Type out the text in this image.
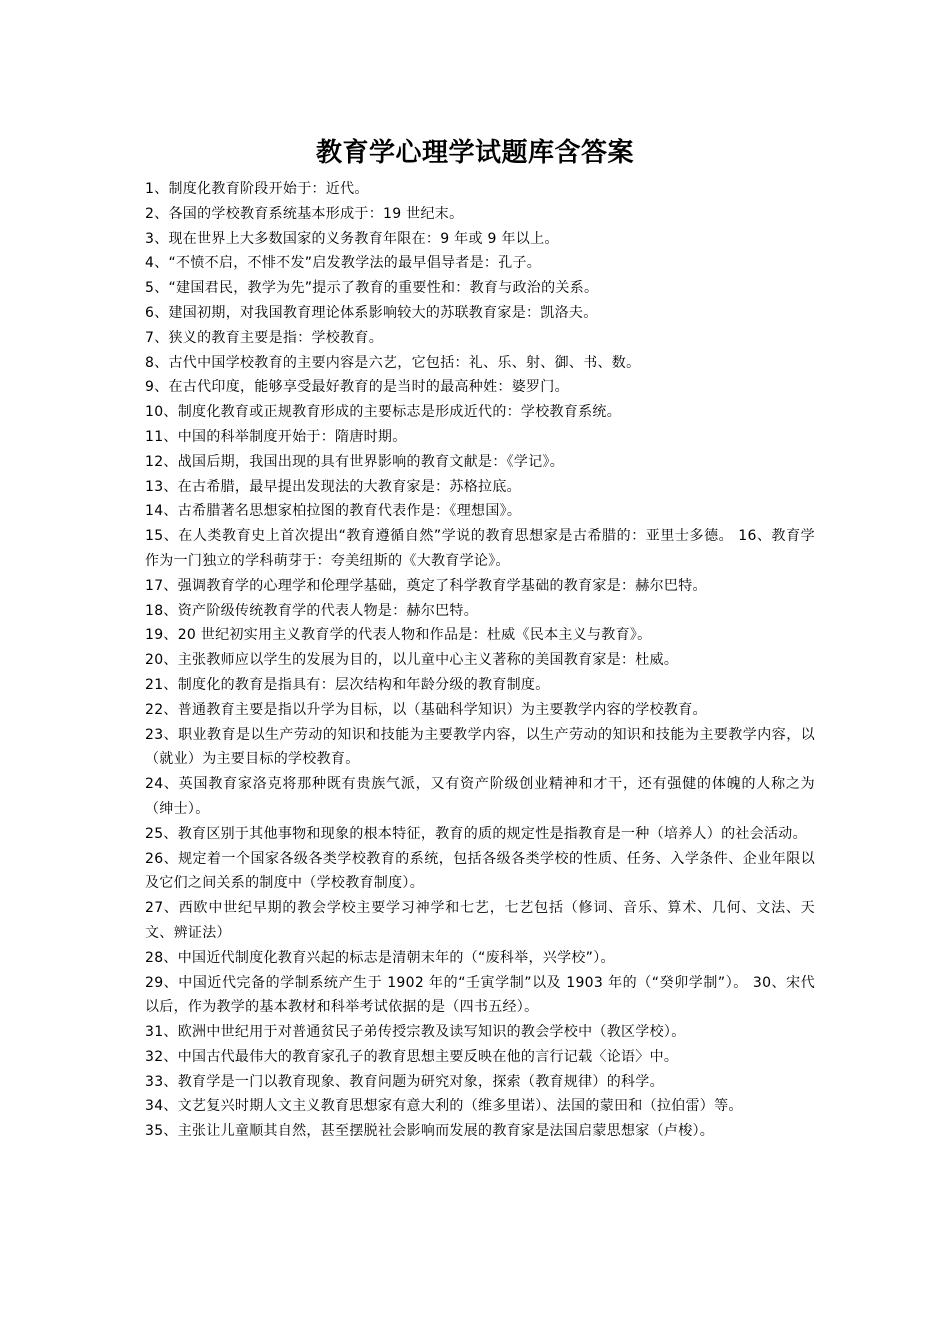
教育学心理学试题库含答案

1、制度化教育阶段开始于：近代。

2、各国的学校教育系统基本形成于：19 世纪末。

3、现在世界上大多数国家的义务教育年限在：9 年或 9 年以上。

4、“不愤不启，不悱不发”启发教学法的最早倡导者是：孔子。

5、“建国君民，教学为先”提示了教育的重要性和：教育与政治的关系。

6、建国初期，对我国教育理论体系影响较大的苏联教育家是：凯洛夫。

7、狭义的教育主要是指：学校教育。

8、古代中国学校教育的主要内容是六艺，它包括：礼、乐、射、御、书、数。

9、在古代印度，能够享受最好教育的是当时的最高种姓：婆罗门。

10、制度化教育或正规教育形成的主要标志是形成近代的：学校教育系统。

11、中国的科举制度开始于：隋唐时期。

12、战国后期，我国出现的具有世界影响的教育文献是：《学记》。

13、在古希腊，最早提出发现法的大教育家是：苏格拉底。

14、古希腊著名思想家柏拉图的教育代表作是：《理想国》。

15、在人类教育史上首次提出“教育遵循自然”学说的教育思想家是古希腊的：亚里士多德。 16、教育学作为一门独立的学科萌芽于：夸美纽斯的《大教育学论》。

17、强调教育学的心理学和伦理学基础，奠定了科学教育学基础的教育家是：赫尔巴特。

18、资产阶级传统教育学的代表人物是：赫尔巴特。

19、20 世纪初实用主义教育学的代表人物和作品是：杜威《民本主义与教育》。

20、主张教师应以学生的发展为目的，以儿童中心主义著称的美国教育家是：杜威。

21、制度化的教育是指具有：层次结构和年龄分级的教育制度。

22、普通教育主要是指以升学为目标，以（基础科学知识）为主要教学内容的学校教育。

23、职业教育是以生产劳动的知识和技能为主要教学内容，以生产劳动的知识和技能为主要教学内容，以（就业）为主要目标的学校教育。

24、英国教育家洛克将那种既有贵族气派，又有资产阶级创业精神和才干，还有强健的体魄的人称之为（绅士）。

25、教育区别于其他事物和现象的根本特征，教育的质的规定性是指教育是一种（培养人）的社会活动。

26、规定着一个国家各级各类学校教育的系统，包括各级各类学校的性质、任务、入学条件、企业年限以及它们之间关系的制度中（学校教育制度）。

27、西欧中世纪早期的教会学校主要学习神学和七艺，七艺包括（修词、音乐、算术、几何、文法、天文、辨证法）

28、中国近代制度化教育兴起的标志是清朝末年的（“废科举，兴学校”）。

29、中国近代完备的学制系统产生于 1902 年的“壬寅学制”以及 1903 年的（“癸卯学制”）。 30、宋代以后，作为教学的基本教材和科举考试依据的是（四书五经）。

31、欧洲中世纪用于对普通贫民子弟传授宗教及读写知识的教会学校中（教区学校）。

32、中国古代最伟大的教育家孔子的教育思想主要反映在他的言行记载〈论语〉中。

33、教育学是一门以教育现象、教育问题为研究对象，探索（教育规律）的科学。

34、文艺复兴时期人文主义教育思想家有意大利的（维多里诺）、法国的蒙田和（拉伯雷）等。

35、主张让儿童顺其自然，甚至摆脱社会影响而发展的教育家是法国启蒙思想家（卢梭）。
